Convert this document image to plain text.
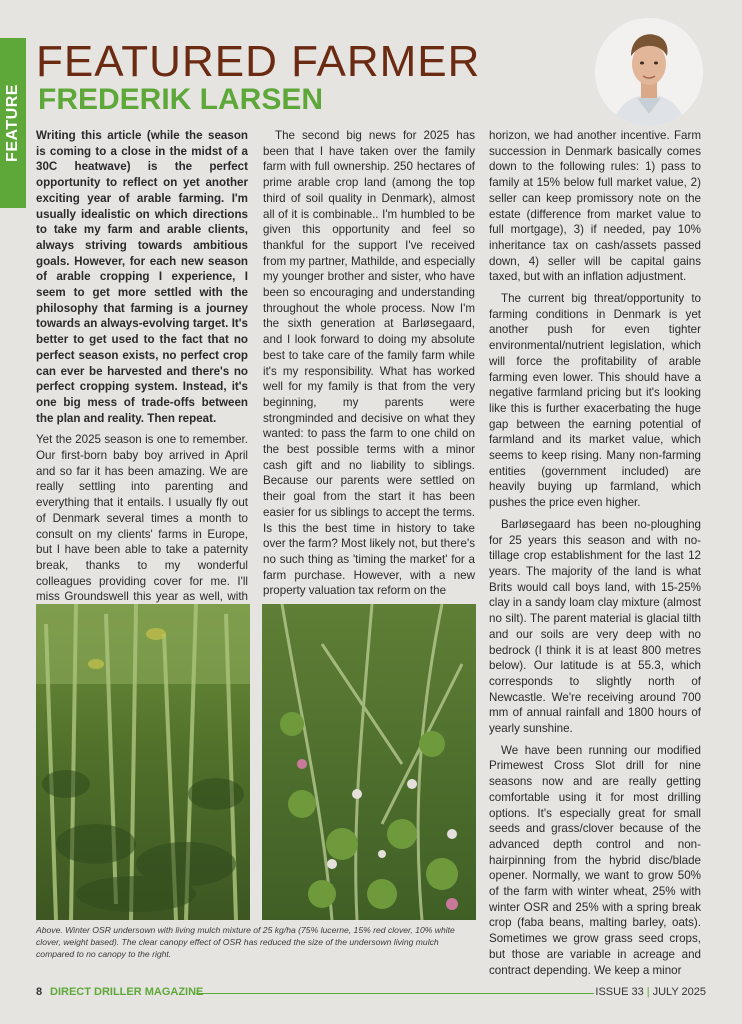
FEATURE
FEATURED FARMER
FREDERIK LARSEN

Writing this article (while the season is coming to a close in the midst of a 30C heatwave) is the perfect opportunity to reflect on yet another exciting year of arable farming. I'm usually idealistic on which directions to take my farm and arable clients, always striving towards ambitious goals. However, for each new season of arable cropping I experience, I seem to get more settled with the philosophy that farming is a journey towards an always-evolving target. It's better to get used to the fact that no perfect season exists, no perfect crop can ever be harvested and there's no perfect cropping system. Instead, it's one big mess of trade-offs between the plan and reality. Then repeat.

Yet the 2025 season is one to remember. Our first-born baby boy arrived in April and so far it has been amazing. We are really settling into parenting and everything that it entails. I usually fly out of Denmark several times a month to consult on my clients' farms in Europe, but I have been able to take a paternity break, thanks to my wonderful colleagues providing cover for me. I'll miss Groundswell this year as well, with

The second big news for 2025 has been that I have taken over the family farm with full ownership. 250 hectares of prime arable crop land (among the top third of soil quality in Denmark), almost all of it is combinable.. I'm humbled to be given this opportunity and feel so thankful for the support I've received from my partner, Mathilde, and especially my younger brother and sister, who have been so encouraging and understanding throughout the whole process. Now I'm the sixth generation at Barløsegaard, and I look forward to doing my absolute best to take care of the family farm while it's my responsibility. What has worked well for my family is that from the very beginning, my parents were strongminded and decisive on what they wanted: to pass the farm to one child on the best possible terms with a minor cash gift and no liability to siblings. Because our parents were settled on their goal from the start it has been easier for us siblings to accept the terms. Is this the best time in history to take over the farm? Most likely not, but there's no such thing as 'timing the market' for a farm purchase. However, with a new property valuation tax reform on the

horizon, we had another incentive. Farm succession in Denmark basically comes down to the following rules: 1) pass to family at 15% below full market value, 2) seller can keep promissory note on the estate (difference from market value to full mortgage), 3) if needed, pay 10% inheritance tax on cash/assets passed down, 4) seller will be capital gains taxed, but with an inflation adjustment.

The current big threat/opportunity to farming conditions in Denmark is yet another push for even tighter environmental/nutrient legislation, which will force the profitability of arable farming even lower. This should have a negative farmland pricing but it's looking like this is further exacerbating the huge gap between the earning potential of farmland and its market value, which seems to keep rising. Many non-farming entities (government included) are heavily buying up farmland, which pushes the price even higher.

Barløsegaard has been no-ploughing for 25 years this season and with no-tillage crop establishment for the last 12 years. The majority of the land is what Brits would call boys land, with 15-25% clay in a sandy loam clay mixture (almost no silt). The parent material is glacial tilth and our soils are very deep with no bedrock (I think it is at least 800 metres below). Our latitude is at 55.3, which corresponds to slightly north of Newcastle. We're receiving around 700 mm of annual rainfall and 1800 hours of yearly sunshine.

We have been running our modified Primewest Cross Slot drill for nine seasons now and are really getting comfortable using it for most drilling options. It's especially great for small seeds and grass/clover because of the advanced depth control and non-hairpinning from the hybrid disc/blade opener. Normally, we want to grow 50% of the farm with winter wheat, 25% with winter OSR and 25% with a spring break crop (faba beans, malting barley, oats). Sometimes we grow grass seed crops, but those are variable in acreage and contract depending. We keep a minor

Above. Winter OSR undersown with living mulch mixture of 25 kg/ha (75% lucerne, 15% red clover, 10% white clover, weight based). The clear canopy effect of OSR has reduced the size of the undersown living mulch compared to no canopy to the right.
8 DIRECT DRILLER MAGAZINE	ISSUE 33 | JULY 2025
